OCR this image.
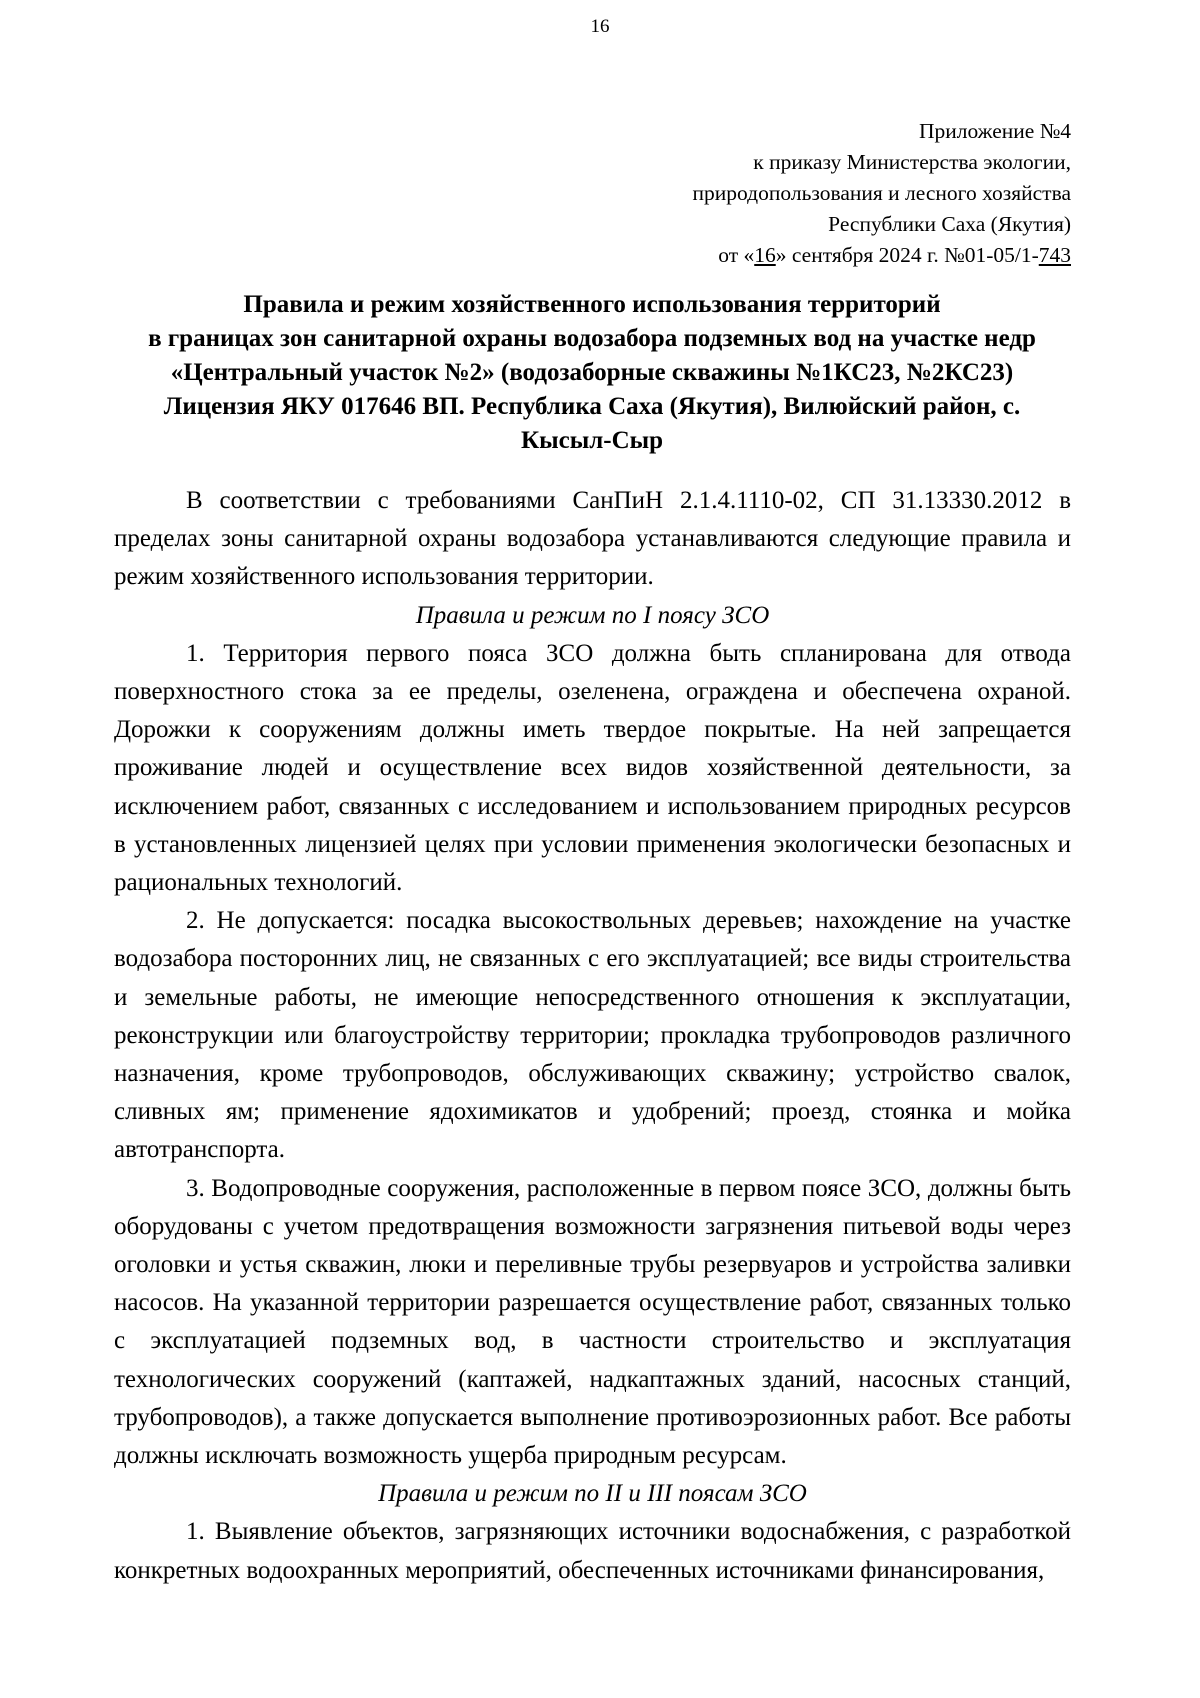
16
Приложение №4
к приказу Министерства экологии,
природопользования и лесного хозяйства
Республики Саха (Якутия)
от «16» сентября 2024 г. №01-05/1-743
Правила и режим хозяйственного использования территорий
в границах зон санитарной охраны водозабора подземных вод на участке недр
«Центральный участок №2» (водозаборные скважины №1КС23, №2КС23)
Лицензия ЯКУ 017646 ВП. Республика Саха (Якутия), Вилюйский район, с.
Кысыл-Сыр

В соответствии с требованиями СанПиН 2.1.4.1110-02, СП 31.13330.2012 в пределах зоны санитарной охраны водозабора устанавливаются следующие правила и режим хозяйственного использования территории.

Правила и режим по I поясу ЗСО

1. Территория первого пояса ЗСО должна быть спланирована для отвода поверхностного стока за ее пределы, озеленена, ограждена и обеспечена охраной. Дорожки к сооружениям должны иметь твердое покрытые. На ней запрещается проживание людей и осуществление всех видов хозяйственной деятельности, за исключением работ, связанных с исследованием и использованием природных ресурсов в установленных лицензией целях при условии применения экологически безопасных и рациональных технологий.

2. Не допускается: посадка высокоствольных деревьев; нахождение на участке водозабора посторонних лиц, не связанных с его эксплуатацией; все виды строительства и земельные работы, не имеющие непосредственного отношения к эксплуатации, реконструкции или благоустройству территории; прокладка трубопроводов различного назначения, кроме трубопроводов, обслуживающих скважину; устройство свалок, сливных ям; применение ядохимикатов и удобрений; проезд, стоянка и мойка автотранспорта.

3. Водопроводные сооружения, расположенные в первом поясе ЗСО, должны быть оборудованы с учетом предотвращения возможности загрязнения питьевой воды через оголовки и устья скважин, люки и переливные трубы резервуаров и устройства заливки насосов. На указанной территории разрешается осуществление работ, связанных только с эксплуатацией подземных вод, в частности строительство и эксплуатация технологических сооружений (каптажей, надкаптажных зданий, насосных станций, трубопроводов), а также допускается выполнение противоэрозионных работ. Все работы должны исключать возможность ущерба природным ресурсам.

Правила и режим по II и III поясам ЗСО

1. Выявление объектов, загрязняющих источники водоснабжения, с разработкой конкретных водоохранных мероприятий, обеспеченных источниками финансирования,
